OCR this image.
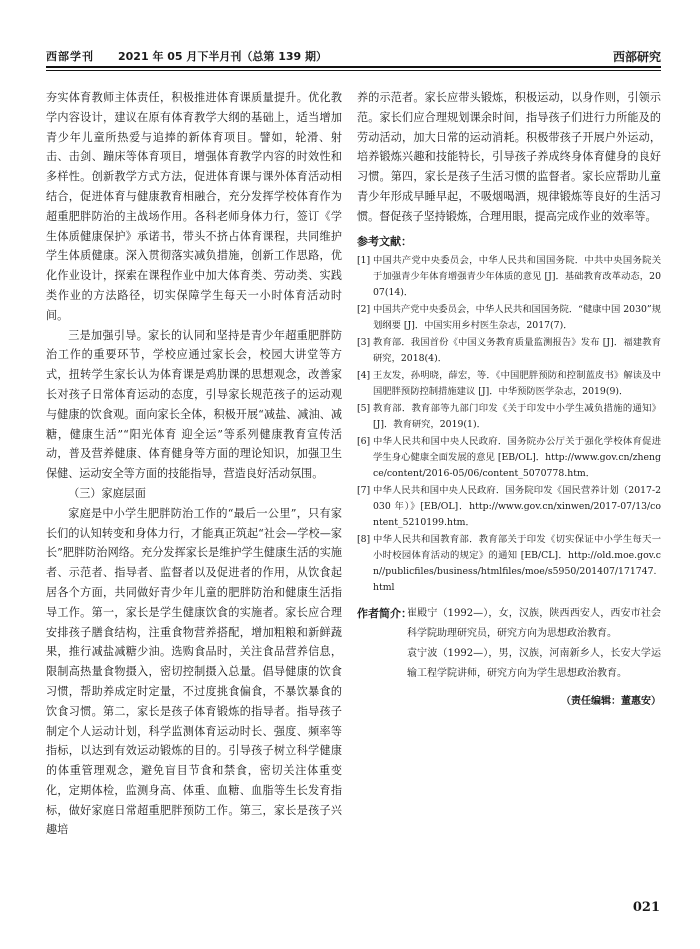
西部学刊 2021 年 05 月下半月刊（总第 139 期）	西部研究

夯实体育教师主体责任，积极推进体育课质量提升。优化教学内容设计，建议在原有体育教学大纲的基础上，适当增加青少年儿童所热爱与追捧的新体育项目。譬如，轮滑、射击、击剑、蹦床等体育项目，增强体育教学内容的时效性和多样性。创新教学方式方法，促进体育课与课外体育活动相结合，促进体育与健康教育相融合，充分发挥学校体育作为超重肥胖防治的主战场作用。各科老师身体力行，签订《学生体质健康保护》承诺书，带头不挤占体育课程，共同维护学生体质健康。深入贯彻落实减负措施，创新工作思路，优化作业设计，探索在课程作业中加大体育类、劳动类、实践类作业的方法路径，切实保障学生每天一小时体育活动时间。

三是加强引导。家长的认同和坚持是青少年超重肥胖防治工作的重要环节，学校应通过家长会，校园大讲堂等方式，扭转学生家长认为体育课是鸡肋课的思想观念，改善家长对孩子日常体育运动的态度，引导家长规范孩子的运动观与健康的饮食观。面向家长全体，积极开展“减盐、减油、减糖，健康生活”“阳光体育 迎全运”等系列健康教育宣传活动，普及营养健康、体育健身等方面的理论知识，加强卫生保健、运动安全等方面的技能指导，营造良好活动氛围。

（三）家庭层面

家庭是中小学生肥胖防治工作的“最后一公里”，只有家长们的认知转变和身体力行，才能真正筑起“社会—学校—家长”肥胖防治网络。充分发挥家长是维护学生健康生活的实施者、示范者、指导者、监督者以及促进者的作用，从饮食起居各个方面，共同做好青少年儿童的肥胖防治和健康生活指导工作。第一，家长是学生健康饮食的实施者。家长应合理安排孩子膳食结构，注重食物营养搭配，增加粗粮和新鲜蔬果，推行减盐减糖少油。选购食品时，关注食品营养信息，限制高热量食物摄入，密切控制摄入总量。倡导健康的饮食习惯，帮助养成定时定量，不过度挑食偏食，不暴饮暴食的饮食习惯。第二，家长是孩子体育锻炼的指导者。指导孩子制定个人运动计划，科学监测体育运动时长、强度、频率等指标，以达到有效运动锻炼的目的。引导孩子树立科学健康的体重管理观念，避免盲目节食和禁食，密切关注体重变化，定期体检，监测身高、体重、血糖、血脂等生长发育指标，做好家庭日常超重肥胖预防工作。第三，家长是孩子兴趣培

养的示范者。家长应带头锻炼，积极运动，以身作则，引领示范。家长们应合理规划课余时间，指导孩子们进行力所能及的劳动活动，加大日常的运动消耗。积极带孩子开展户外运动，培养锻炼兴趣和技能特长，引导孩子养成终身体育健身的良好习惯。第四，家长是孩子生活习惯的监督者。家长应帮助儿童青少年形成早睡早起，不吸烟喝酒，规律锻炼等良好的生活习惯。督促孩子坚持锻炼，合理用眼，提高完成作业的效率等。

参考文献：
[1] 中国共产党中央委员会，中华人民共和国国务院．中共中央国务院关于加强青少年体育增强青少年体质的意见 [J]．基础教育改革动态，2007(14)．
[2] 中国共产党中央委员会，中华人民共和国国务院．“健康中国 2030”规划纲要 [J]．中国实用乡村医生杂志，2017(7)．
[3] 教育部．我国首份《中国义务教育质量监测报告》发布 [J]．福建教育研究，2018(4)．
[4] 王友发，孙明晓，薛宏，等．《中国肥胖预防和控制蓝皮书》解读及中国肥胖预防控制措施建议 [J]．中华预防医学杂志，2019(9)．
[5] 教育部．教育部等九部门印发《关于印发中小学生减负措施的通知》[J]．教育研究，2019(1)．
[6] 中华人民共和国中央人民政府．国务院办公厅关于强化学校体育促进学生身心健康全面发展的意见 [EB/OL]．http://www.gov.cn/zhengce/content/2016-05/06/content_5070778.htm．
[7] 中华人民共和国中央人民政府．国务院印发《国民营养计划（2017-2030 年）》[EB/OL]．http://www.gov.cn/xinwen/2017-07/13/content_5210199.htm．
[8] 中华人民共和国教育部．教育部关于印发《切实保证中小学生每天一小时校园体育活动的规定》的通知 [EB/CL]．http://old.moe.gov.cn//publicfiles/business/htmlfiles/moe/s5950/201407/171747.html
作者简介：

崔殿宁（1992—），女，汉族，陕西西安人，西安市社会科学院助理研究员，研究方向为思想政治教育。

袁宁波（1992—），男，汉族，河南新乡人，长安大学运输工程学院讲师，研究方向为学生思想政治教育。

（责任编辑：董惠安）
021
